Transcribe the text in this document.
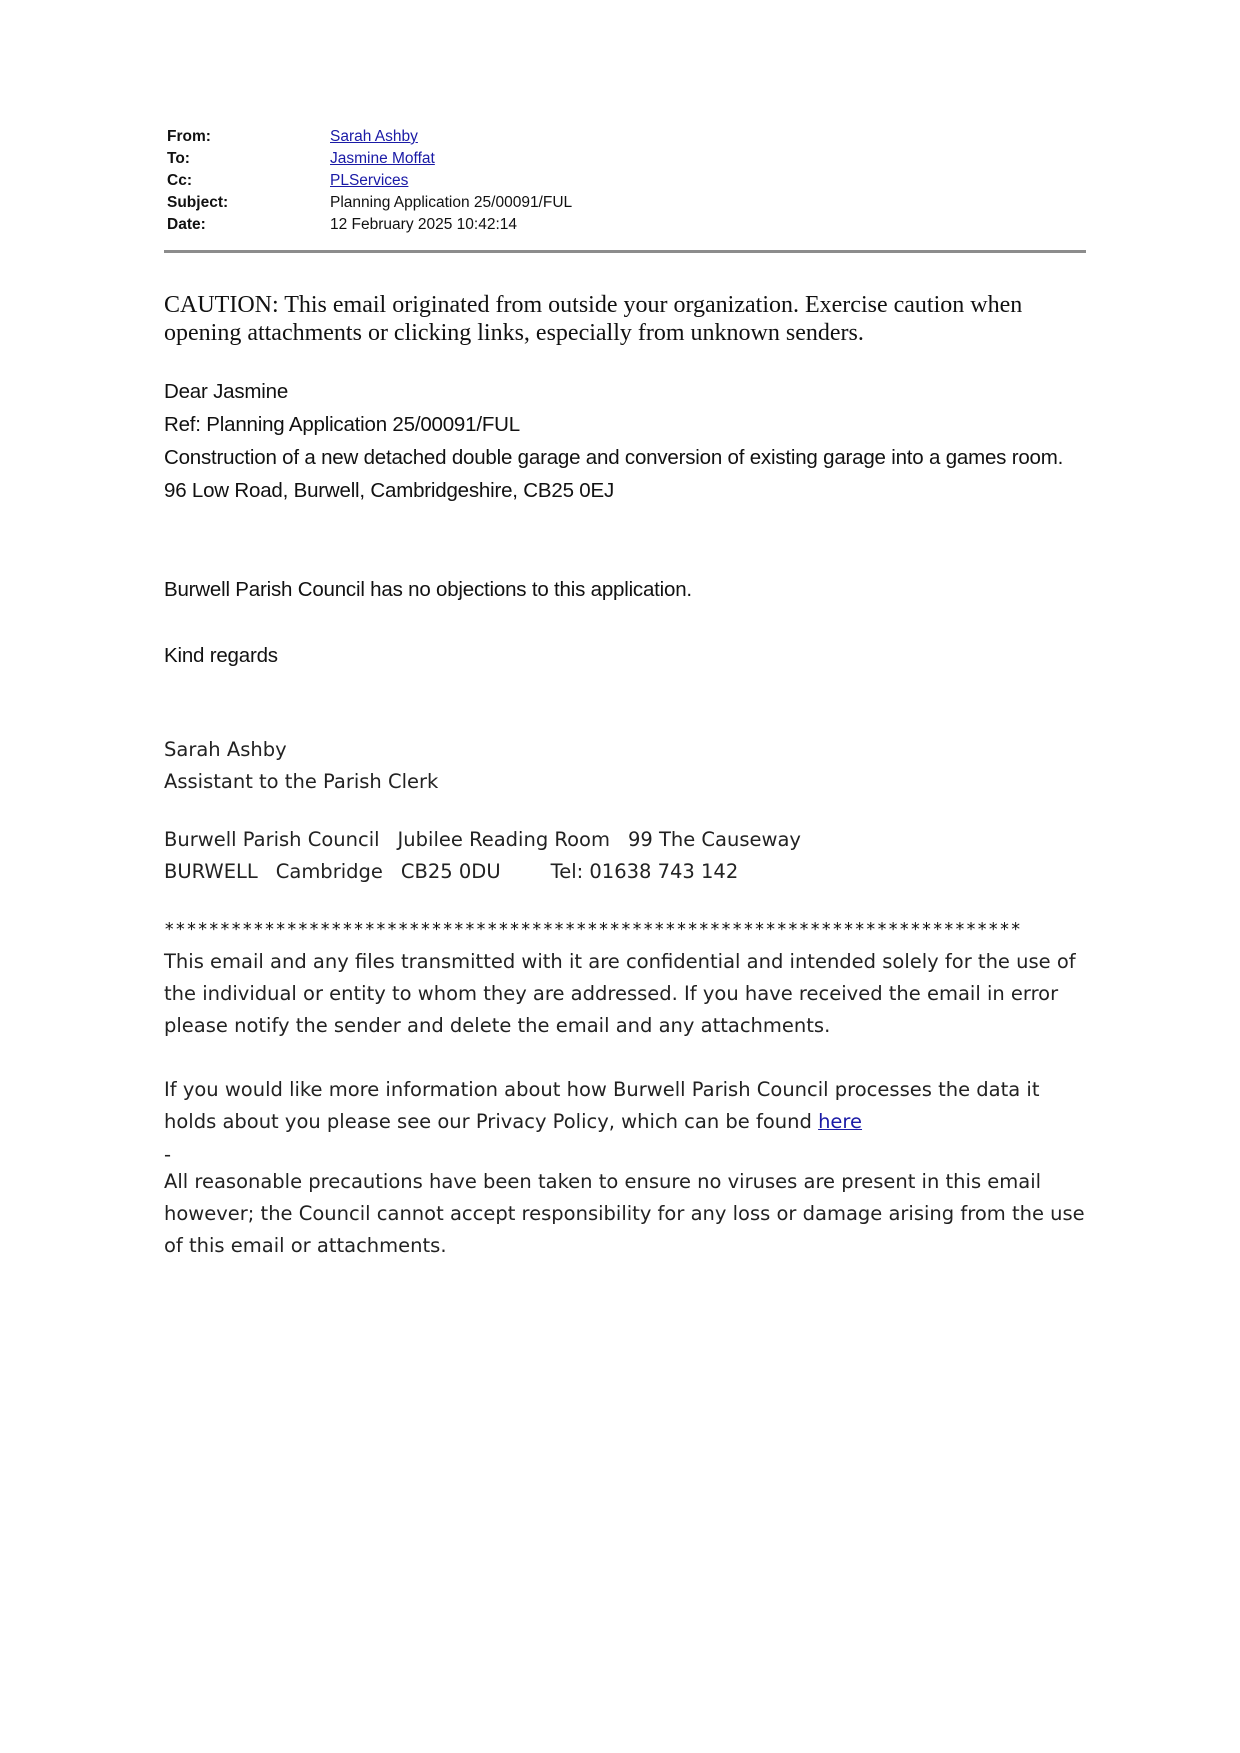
From:	Sarah Ashby
To:	Jasmine Moffat
Cc:	PLServices
Subject:	Planning Application 25/00091/FUL
Date:	12 February 2025 10:42:14
CAUTION: This email originated from outside your organization. Exercise caution when opening attachments or clicking links, especially from unknown senders.

Dear Jasmine

Ref: Planning Application 25/00091/FUL

Construction of a new detached double garage and conversion of existing garage into a games room.

96 Low Road, Burwell, Cambridgeshire, CB25 0EJ

Burwell Parish Council has no objections to this application.

Kind regards

Sarah Ashby

Assistant to the Parish Clerk

Burwell Parish Council Jubilee Reading Room 99 The Causeway

BURWELL Cambridge CB25 0DU	Tel: 01638 743 142

*****************************************************************************

This email and any files transmitted with it are confidential and intended solely for the use of the individual or entity to whom they are addressed. If you have received the email in error please notify the sender and delete the email and any attachments.

If you would like more information about how Burwell Parish Council processes the data it holds about you please see our Privacy Policy, which can be found here

-

All reasonable precautions have been taken to ensure no viruses are present in this email however; the Council cannot accept responsibility for any loss or damage arising from the use of this email or attachments.
